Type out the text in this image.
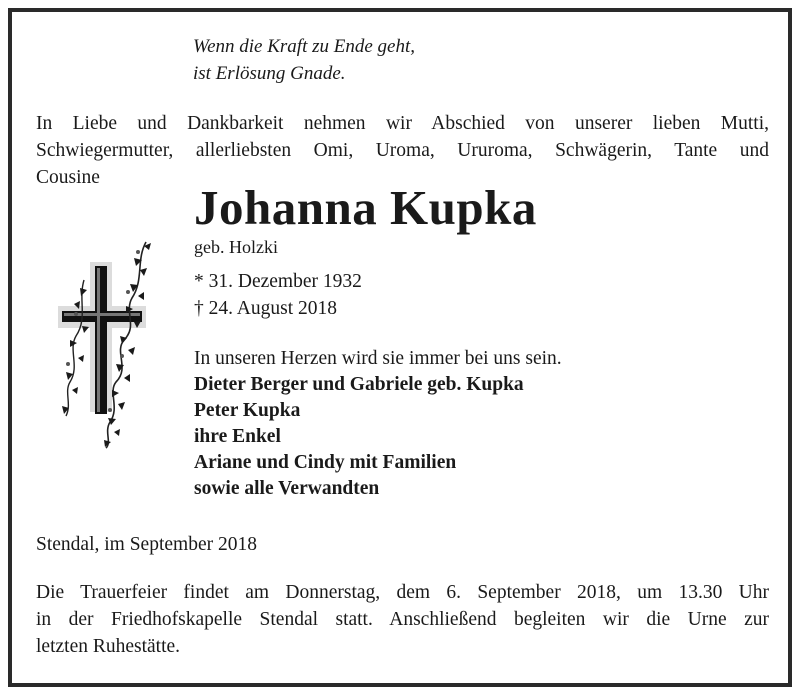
Wenn die Kraft zu Ende geht,
ist Erlösung Gnade.
In Liebe und Dankbarkeit nehmen wir Abschied von unserer lieben Mutti,
Schwiegermutter, allerliebsten Omi, Uroma, Ururoma, Schwägerin, Tante und
Cousine
Johanna Kupka
geb. Holzki
* 31. Dezember 1932
† 24. August 2018
In unseren Herzen wird sie immer bei uns sein.
Dieter Berger und Gabriele geb. Kupka
Peter Kupka
ihre Enkel
Ariane und Cindy mit Familien
sowie alle Verwandten
Stendal, im September 2018
Die Trauerfeier findet am Donnerstag, dem 6. September 2018, um 13.30 Uhr
in der Friedhofskapelle Stendal statt. Anschließend begleiten wir die Urne zur
letzten Ruhestätte.
